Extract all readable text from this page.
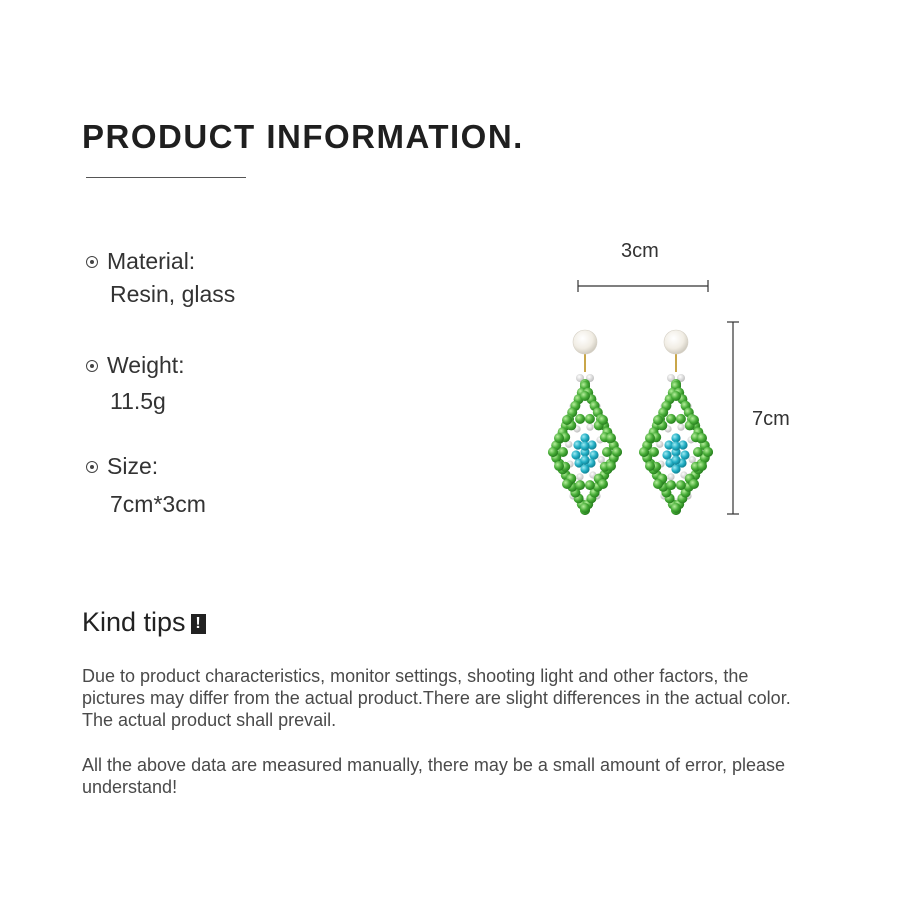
PRODUCT INFORMATION.
Material:
Resin, glass
Weight:
11.5g
Size:
7cm*3cm
3cm
7cm
Kind tips !
Due to product characteristics, monitor settings, shooting light and other factors, the pictures may differ from the actual product.There are slight differences in the actual color. The actual product shall prevail.
All the above data are measured manually, there may be a small amount of error, please understand!
